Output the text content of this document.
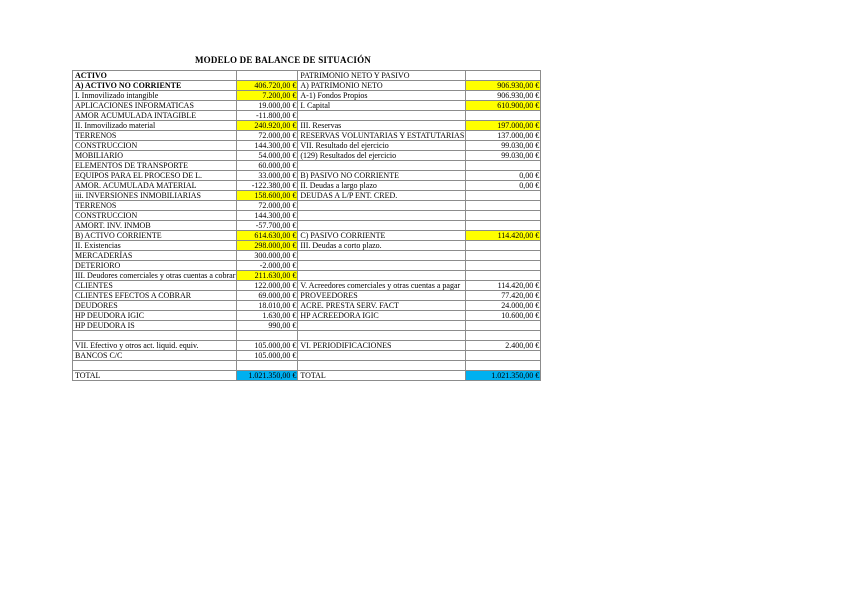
MODELO DE BALANCE DE SITUACIÓN
ACTIVO		PATRIMONIO NETO Y PASIVO	
A) ACTIVO NO CORRIENTE	406.720,00 €	A) PATRIMONIO NETO	906.930,00 €
I. Inmovilizado intangible	7.200,00 €	A-1) Fondos Propios	906.930,00 €
APLICACIONES INFORMATICAS	19.000,00 €	I. Capital	610.900,00 €
AMOR ACUMULADA INTAGIBLE	-11.800,00 €		
II. Inmovilizado material	240.920,00 €	III. Reservas	197.000,00 €
TERRENOS	72.000,00 €	RESERVAS VOLUNTARIAS Y ESTATUTARIAS	137.000,00 €
CONSTRUCCION	144.300,00 €	VII. Resultado del ejercicio	99.030,00 €
MOBILIARIO	54.000,00 €	(129) Resultados del ejercicio	99.030,00 €
ELEMENTOS DE TRANSPORTE	60.000,00 €		
EQUIPOS PARA EL PROCESO DE L.	33.000,00 €	B) PASIVO NO CORRIENTE	0,00 €
AMOR. ACUMULADA MATERIAL	-122.380,00 €	II. Deudas a largo plazo	0,00 €
iii. INVERSIONES INMOBILIARIAS	158.600,00 €	DEUDAS A L/P ENT. CRED.	
TERRENOS	72.000,00 €		
CONSTRUCCION	144.300,00 €		
AMORT. INV. INMOB	-57.700,00 €		
B) ACTIVO CORRIENTE	614.630,00 €	C) PASIVO CORRIENTE	114.420,00 €
II. Existencias	298.000,00 €	III. Deudas a corto plazo.	
MERCADERÍAS	300.000,00 €		
DETERIORO	-2.000,00 €		
III. Deudores comerciales y otras cuentas a cobrar	211.630,00 €		
CLIENTES	122.000,00 €	V. Acreedores comerciales y otras cuentas a pagar	114.420,00 €
CLIENTES EFECTOS A COBRAR	69.000,00 €	PROVEEDORES	77.420,00 €
DEUDORES	18.010,00 €	ACRE. PRESTA SERV. FACT	24.000,00 €
HP DEUDORA IGIC	1.630,00 €	HP ACREEDORA IGIC	10.600,00 €
HP DEUDORA IS	990,00 €		

VII. Efectivo y otros act. liquid. equiv.	105.000,00 €	VI. PERIODIFICACIONES	2.400,00 €
BANCOS C/C	105.000,00 €		

TOTAL	1.021.350,00 €	TOTAL	1.021.350,00 €
